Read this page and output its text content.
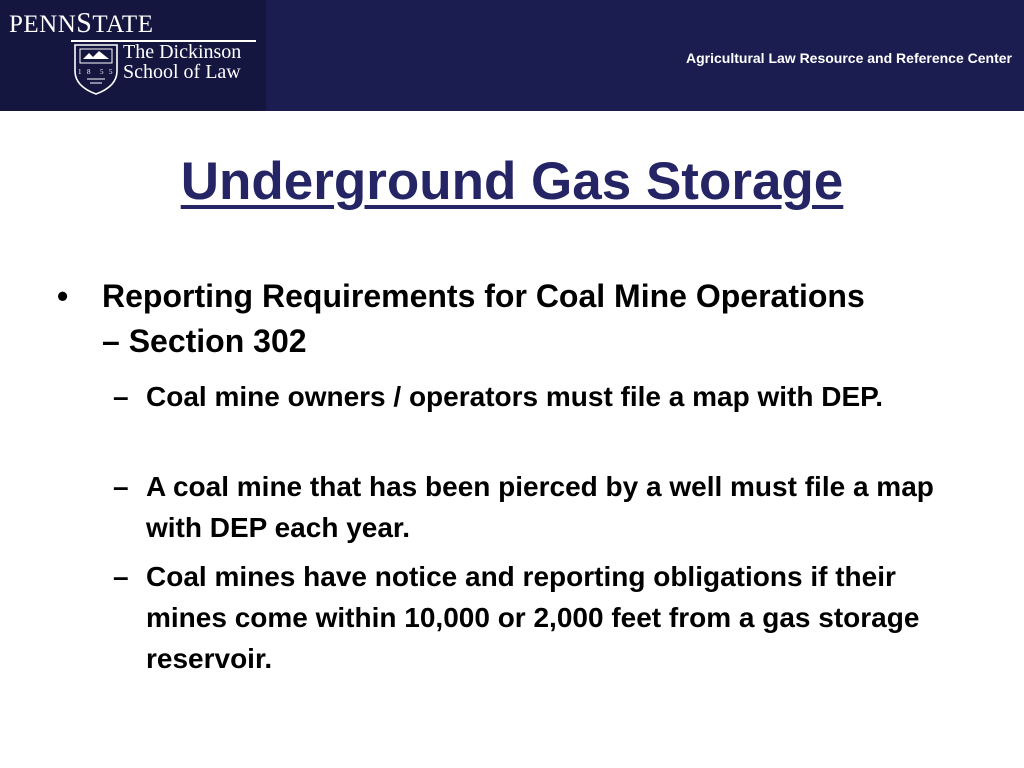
PENNSTATE
1 8 5 5
The Dickinson
School of Law
Agricultural Law Resource and Reference Center
Underground Gas Storage
• Reporting Requirements for Coal Mine Operations – Section 302
– Coal mine owners / operators must file a map with DEP.
– A coal mine that has been pierced by a well must file a map with DEP each year.
– Coal mines have notice and reporting obligations if their mines come within 10,000 or 2,000 feet from a gas storage reservoir.
